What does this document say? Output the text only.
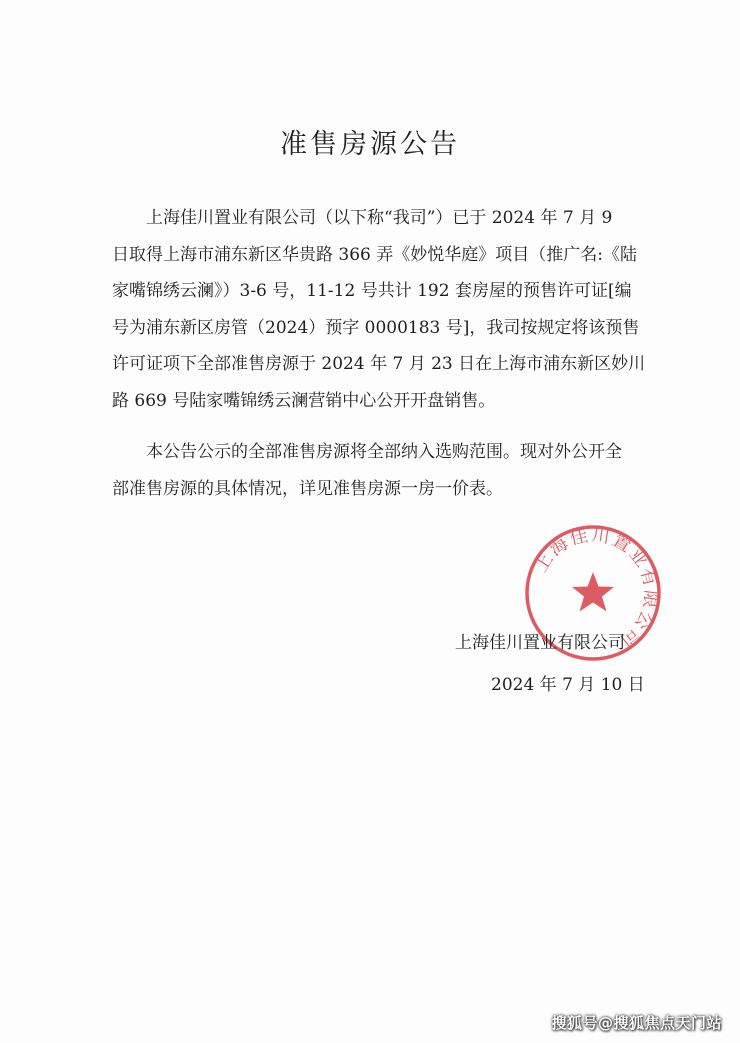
准售房源公告
上海佳川置业有限公司（以下称“我司”）已于 2024 年 7 月 9
日取得上海市浦东新区华贵路 366 弄《妙悦华庭》项目（推广名:《陆
家嘴锦绣云澜》）3-6 号，11-12 号共计 192 套房屋的预售许可证[编
号为浦东新区房管（2024）预字 0000183 号]，我司按规定将该预售
许可证项下全部准售房源于 2024 年 7 月 23 日在上海市浦东新区妙川
路 669 号陆家嘴锦绣云澜营销中心公开开盘销售。
本公告公示的全部准售房源将全部纳入选购范围。现对外公开全
部准售房源的具体情况，详见准售房源一房一价表。
上海佳川置业有限公司
上海佳川置业有限公司
2024 年 7 月 10 日
搜狐号@搜狐焦点天门站
